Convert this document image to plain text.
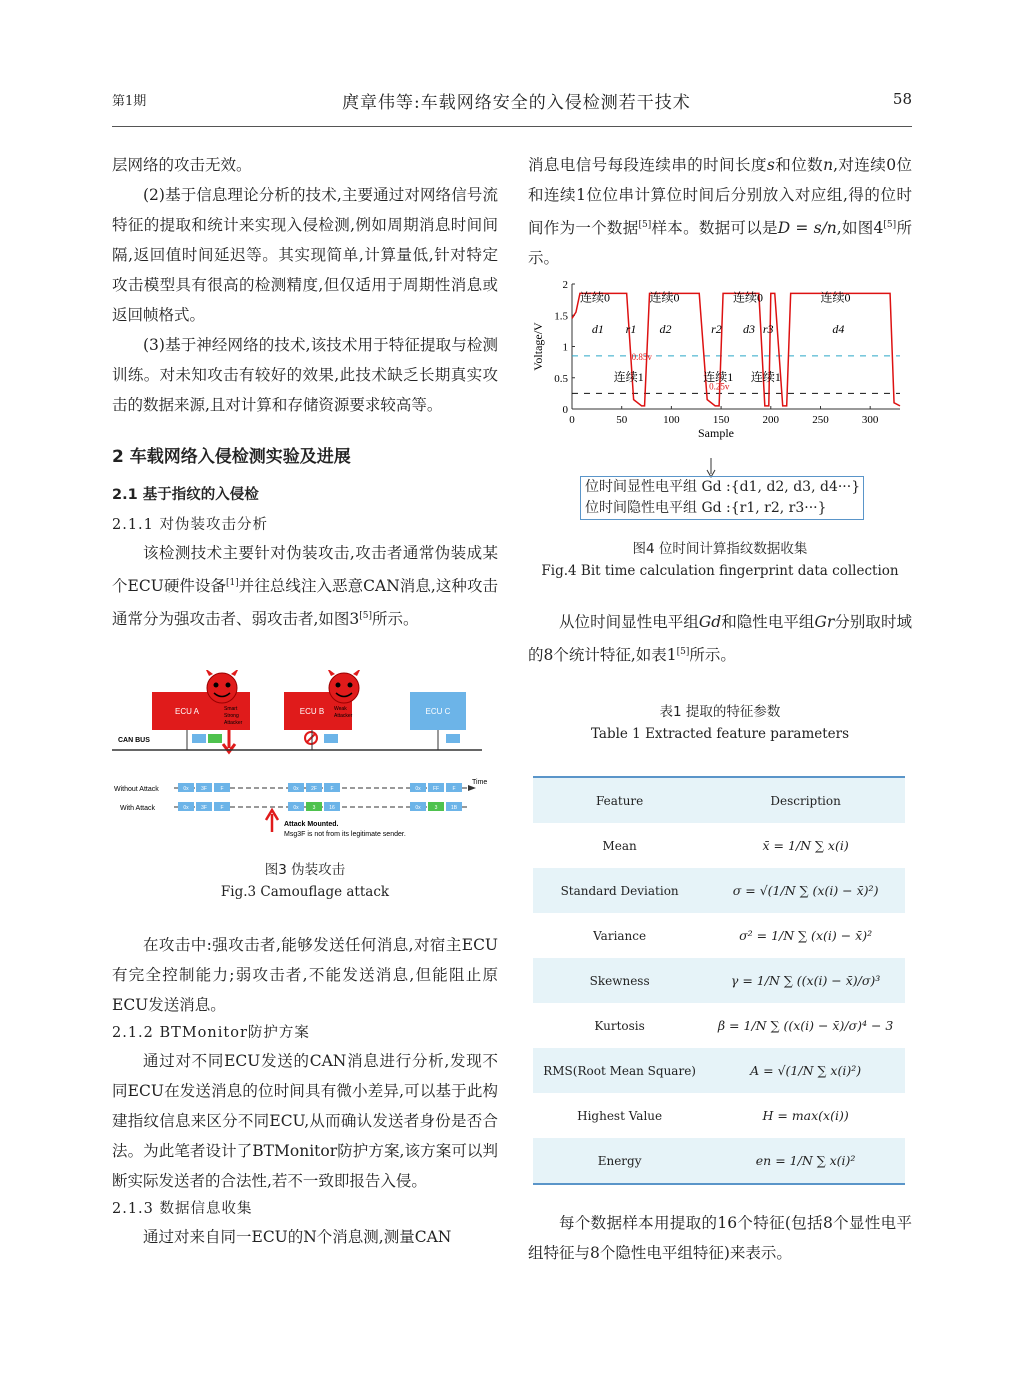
第1期	庹章伟等:车载网络安全的入侵检测若干技术	58

层网络的攻击无效。

(2)基于信息理论分析的技术,主要通过对网络信号流特征的提取和统计来实现入侵检测,例如周期消息时间间隔,返回值时间延迟等。其实现简单,计算量低,针对特定攻击模型具有很高的检测精度,但仅适用于周期性消息或返回帧格式。

(3)基于神经网络的技术,该技术用于特征提取与检测训练。对未知攻击有较好的效果,此技术缺乏长期真实攻击的数据来源,且对计算和存储资源要求较高等。

2 车载网络入侵检测实验及进展
2.1 基于指纹的入侵检
2.1.1 对伪装攻击分析

该检测技术主要针对伪装攻击,攻击者通常伪装成某个ECU硬件设备[1]并往总线注入恶意CAN消息,这种攻击通常分为强攻击者、弱攻击者,如图3[5]所示。

ECU A	Smart
Strong
Attacker
ECU B Weak
Attacker	ECU C
CAN BUS
Without Attack
With Attack
Time
0x 3F	F	0x 2F	F	0x FF	F
0x 3F	F	0x	3	16	0x	3	1B
Attack Mounted.
Msg3F is not from its legitimate sender.
图3 伪装攻击
Fig.3 Camouflage attack

在攻击中:强攻击者,能够发送任何消息,对宿主ECU有完全控制能力;弱攻击者,不能发送消息,但能阻止原ECU发送消息。

2.1.2 BTMonitor防护方案

通过对不同ECU发送的CAN消息进行分析,发现不同ECU在发送消息的位时间具有微小差异,可以基于此构建指纹信息来区分不同ECU,从而确认发送者身份是否合法。为此笔者设计了BTMonitor防护方案,该方案可以判断实际发送者的合法性,若不一致即报告入侵。

2.1.3 数据信息收集

通过对来自同一ECU的N个消息测,测量CAN

消息电信号每段连续串的时间长度s和位数n,对连续0位和连续1位位串计算位时间后分别放入对应组,得的位时间作为一个数据[5]样本。数据可以是D = s/n,如图4[5]所示。

0	50	100	150	200	250	300
0
0.5
1
1.5
2
Sample
Voltage/V	0.85v
0.25v
连续0	连续0	连续0	连续0
d1 r1 d2	r2 d3 r3	d4
连续1	连续1 连续1
位时间显性电平组 Gd :{d1, d2, d3, d4···}
位时间隐性电平组 Gd :{r1, r2, r3···}
图4 位时间计算指纹数据收集
Fig.4 Bit time calculation fingerprint data collection

从位时间显性电平组Gd和隐性电平组Gr分别取时域的8个统计特征,如表1[5]所示。

表1 提取的特征参数
Table 1 Extracted feature parameters
Feature	Description
Mean	x̄ = 1/N ∑ x(i)
Standard Deviation	σ = √(1/N ∑ (x(i) − x̄)²)
Variance	σ² = 1/N ∑ (x(i) − x̄)²
Skewness	γ = 1/N ∑ ((x(i) − x̄)/σ)³
Kurtosis	β = 1/N ∑ ((x(i) − x̄)/σ)⁴ − 3
RMS(Root Mean Square)	A = √(1/N ∑ x(i)²)
Highest Value	H = max(x(i))
Energy	en = 1/N ∑ x(i)²

每个数据样本用提取的16个特征(包括8个显性电平组特征与8个隐性电平组特征)来表示。
